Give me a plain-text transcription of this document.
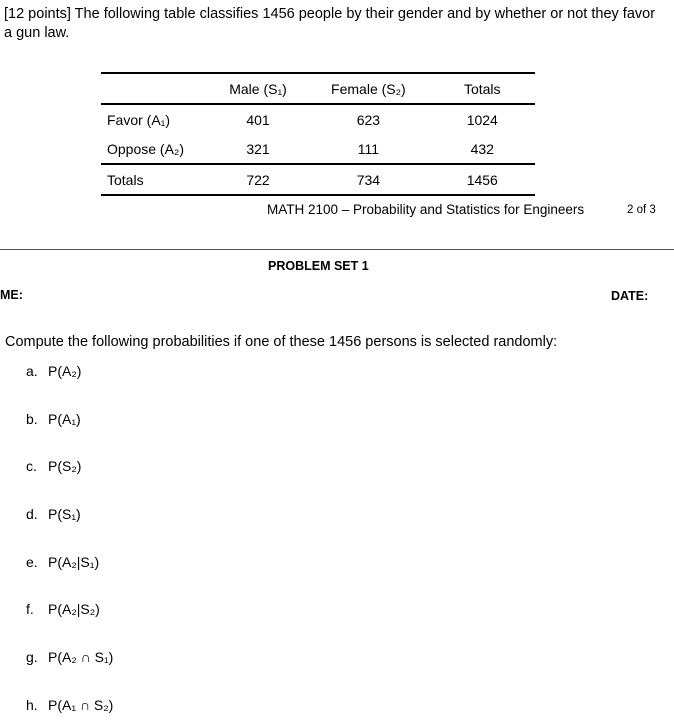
[12 points] The following table classifies 1456 people by their gender and by whether or not they favor a gun law.
	Male (S₁)	Female (S₂)	Totals
Favor (A₁)	401	623	1024
Oppose (A₂)	321	111	432
Totals	722	734	1456
MATH 2100 – Probability and Statistics for Engineers	2 of 3
PROBLEM SET 1
ME:	DATE:
Compute the following probabilities if one of these 1456 persons is selected randomly:
a. P(A₂)
b. P(A₁)
c. P(S₂)
d. P(S₁)
e. P(A₂|S₁)
f. P(A₂|S₂)
g. P(A₂ ∩ S₁)
h. P(A₁ ∩ S₂)
